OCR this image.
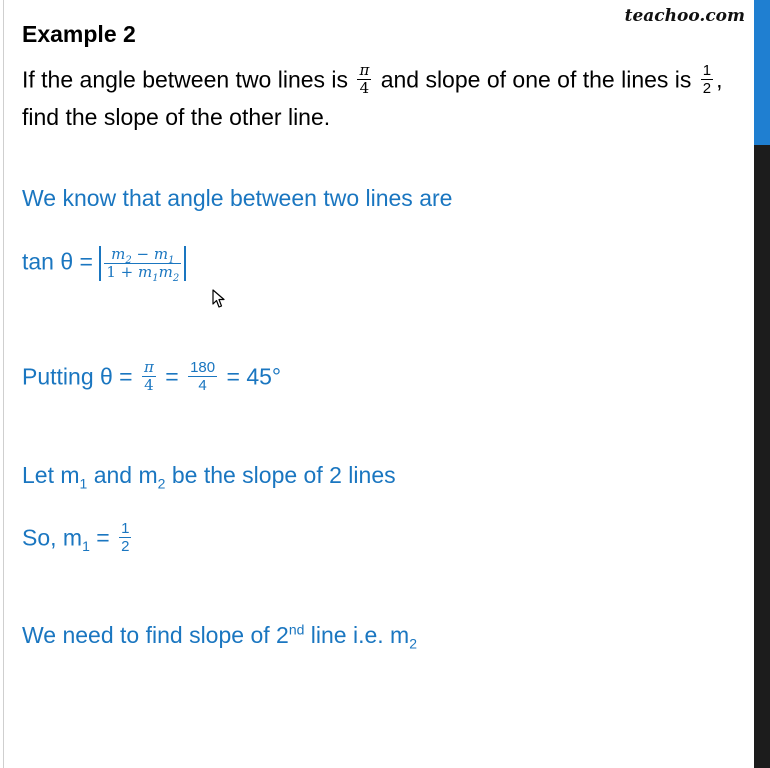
teachoo.com
Example 2
If the angle between two lines is $\frac{\pi}{4}$ and slope of one of the lines is $\frac{1}{2}$ ,
find the slope of the other line.
We know that angle between two lines are
$\tan \theta = \frac{m_2 - m_1}{1 + m_1m_2}$
Putting $\theta = \frac{\pi}{4} = \frac{180}{4} = 45^\circ$
Let $m_1$ and $m_2$ be the slope of 2 lines
So, $m_1 = \frac{1}{2}$
We need to find slope of 2nd line i.e. $m_2$
